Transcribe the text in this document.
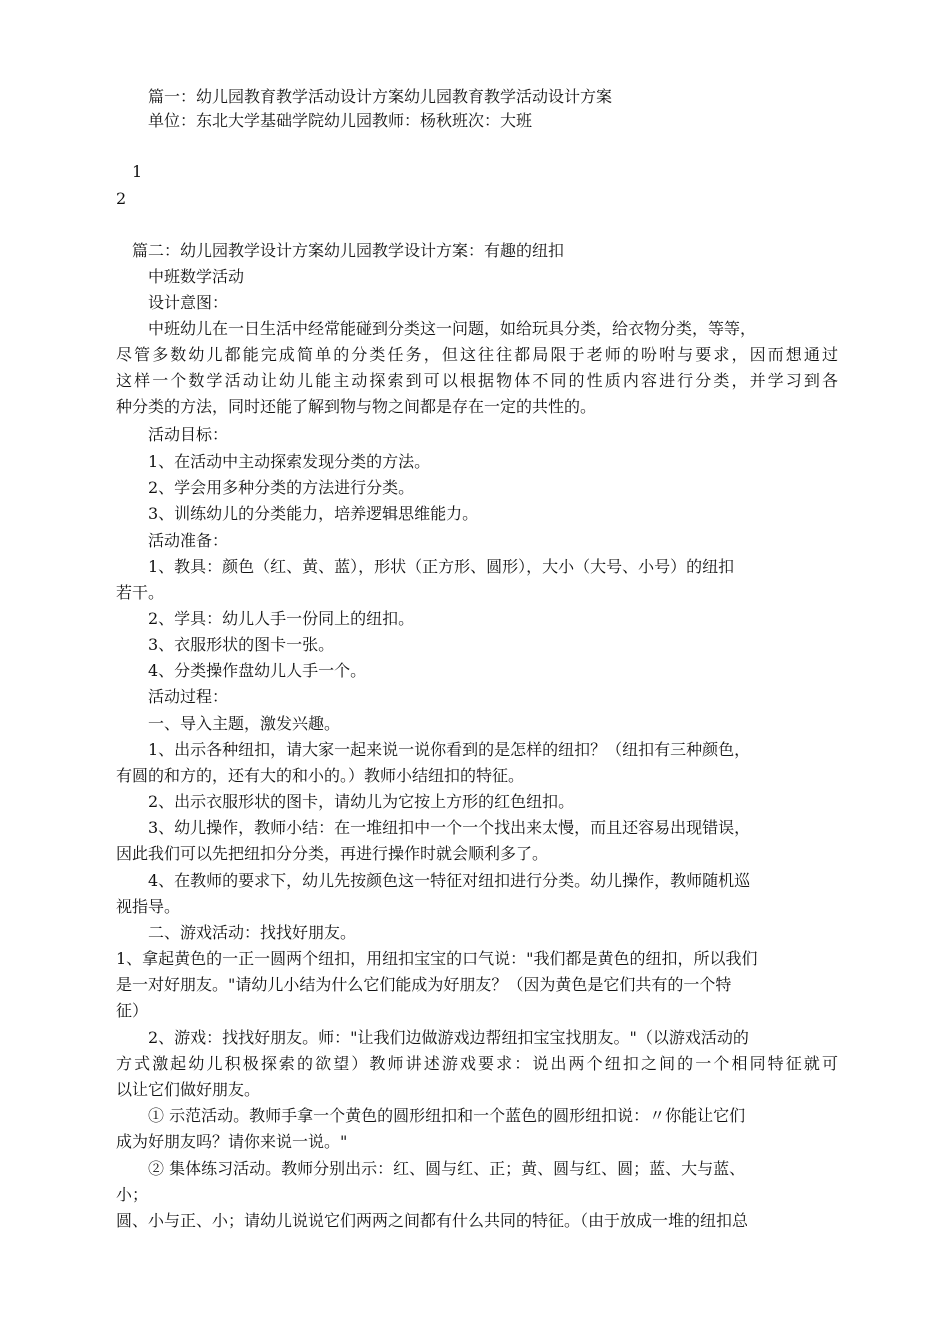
篇一：幼儿园教育教学活动设计方案幼儿园教育教学活动设计方案
单位：东北大学基础学院幼儿园教师：杨秋班次：大班
1
2
篇二：幼儿园教学设计方案幼儿园教学设计方案：有趣的纽扣
中班数学活动
设计意图：
中班幼儿在一日生活中经常能碰到分类这一问题，如给玩具分类，给衣物分类，等等，
尽管多数幼儿都能完成简单的分类任务，但这往往都局限于老师的吩咐与要求，因而想通过
这样一个数学活动让幼儿能主动探索到可以根据物体不同的性质内容进行分类，并学习到各
种分类的方法，同时还能了解到物与物之间都是存在一定的共性的。
活动目标：
1、在活动中主动探索发现分类的方法。
2、学会用多种分类的方法进行分类。
3、训练幼儿的分类能力，培养逻辑思维能力。
活动准备：
1、教具：颜色（红、黄、蓝），形状（正方形、圆形），大小（大号、小号）的纽扣
若干。
2、学具：幼儿人手一份同上的纽扣。
3、衣服形状的图卡一张。
4、分类操作盘幼儿人手一个。
活动过程：
一、导入主题，激发兴趣。
1、出示各种纽扣，请大家一起来说一说你看到的是怎样的纽扣？（纽扣有三种颜色，
有圆的和方的，还有大的和小的。）教师小结纽扣的特征。
2、出示衣服形状的图卡，请幼儿为它按上方形的红色纽扣。
3、幼儿操作，教师小结：在一堆纽扣中一个一个找出来太慢，而且还容易出现错误，
因此我们可以先把纽扣分分类，再进行操作时就会顺利多了。
4、在教师的要求下，幼儿先按颜色这一特征对纽扣进行分类。幼儿操作，教师随机巡
视指导。
二、游戏活动：找找好朋友。
1、拿起黄色的一正一圆两个纽扣，用纽扣宝宝的口气说："我们都是黄色的纽扣，所以我们
是一对好朋友。"请幼儿小结为什么它们能成为好朋友？（因为黄色是它们共有的一个特
征）
2、游戏：找找好朋友。师："让我们边做游戏边帮纽扣宝宝找朋友。"（以游戏活动的
方式激起幼儿积极探索的欲望）教师讲述游戏要求：说出两个纽扣之间的一个相同特征就可
以让它们做好朋友。
① 示范活动。教师手拿一个黄色的圆形纽扣和一个蓝色的圆形纽扣说：〃你能让它们
成为好朋友吗？请你来说一说。"
② 集体练习活动。教师分别出示：红、圆与红、正；黄、圆与红、圆；蓝、大与蓝、
小；
圆、小与正、小；请幼儿说说它们两两之间都有什么共同的特征。（由于放成一堆的纽扣总
